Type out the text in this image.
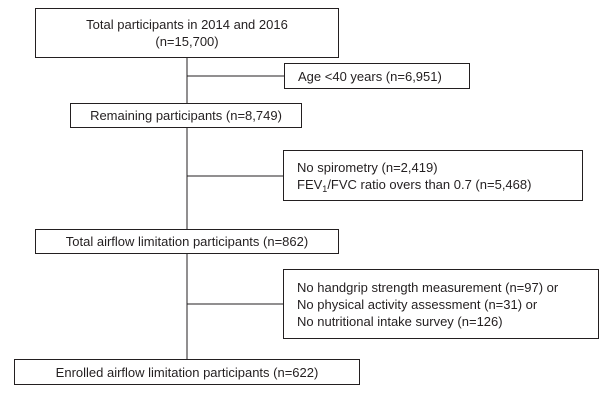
Total participants in 2014 and 2016
(n=15,700)
Age <40 years (n=6,951)
Remaining participants (n=8,749)
No spirometry (n=2,419)
$FEV_1$/FVC ratio overs than 0.7 (n=5,468)
Total airflow limitation participants (n=862)
No handgrip strength measurement (n=97) or
No physical activity assessment (n=31) or
No nutritional intake survey (n=126)
Enrolled airflow limitation participants (n=622)
